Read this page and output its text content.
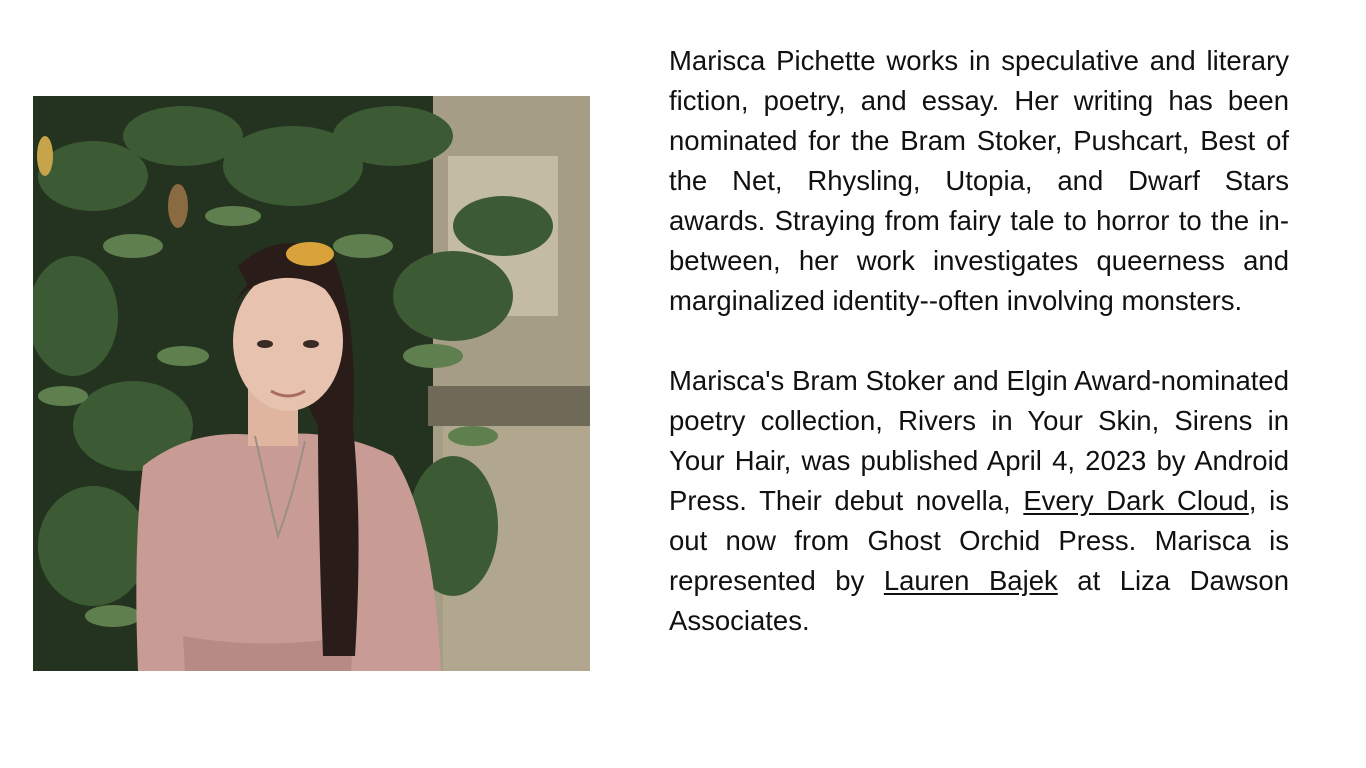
Marisca Pichette works in speculative and literary fiction, poetry, and essay. Her writing has been nominated for the Bram Stoker, Pushcart, Best of the Net, Rhysling, Utopia, and Dwarf Stars awards. Straying from fairy tale to horror to the in-between, her work investigates queerness and marginalized identity--often involving monsters.

Marisca's Bram Stoker and Elgin Award-nominated poetry collection, Rivers in Your Skin, Sirens in Your Hair, was published April 4, 2023 by Android Press. Their debut novella, Every Dark Cloud, is out now from Ghost Orchid Press. Marisca is represented by Lauren Bajek at Liza Dawson Associates.
